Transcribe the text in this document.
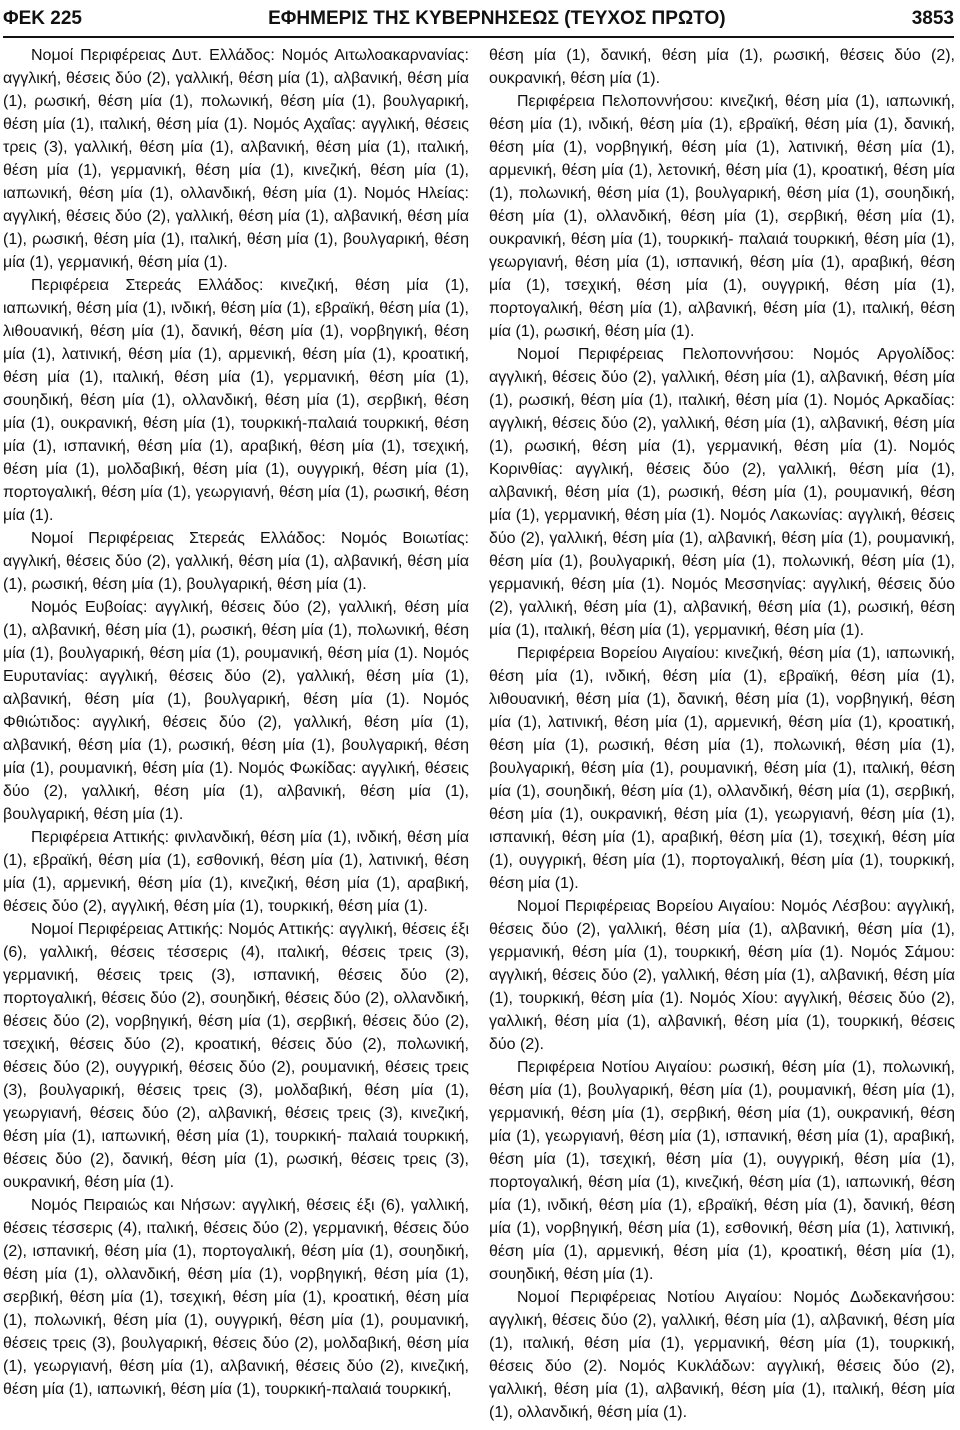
ΦΕΚ 225	ΕΦΗΜΕΡΙΣ ΤΗΣ ΚΥΒΕΡΝΗΣΕΩΣ (ΤΕΥΧΟΣ ΠΡΩΤΟ)	3853

Νομοί Περιφέρειας Δυτ. Ελλάδος: Νομός Αιτωλοακαρνανίας: αγγλική, θέσεις δύο (2), γαλλική, θέση μία (1), αλβανική, θέση μία (1), ρωσική, θέση μία (1), πολωνική, θέση μία (1), βουλγαρική, θέση μία (1), ιταλική, θέση μία (1). Νομός Αχαΐας: αγγλική, θέσεις τρεις (3), γαλλική, θέση μία (1), αλβανική, θέση μία (1), ιταλική, θέση μία (1), γερμανική, θέση μία (1), κινεζική, θέση μία (1), ιαπωνική, θέση μία (1), ολλανδική, θέση μία (1). Νομός Ηλείας: αγγλική, θέσεις δύο (2), γαλλική, θέση μία (1), αλβανική, θέση μία (1), ρωσική, θέση μία (1), ιταλική, θέση μία (1), βουλγαρική, θέση μία (1), γερμανική, θέση μία (1).

Περιφέρεια Στερεάς Ελλάδος: κινεζική, θέση μία (1), ιαπωνική, θέση μία (1), ινδική, θέση μία (1), εβραϊκή, θέση μία (1), λιθουανική, θέση μία (1), δανική, θέση μία (1), νορβηγική, θέση μία (1), λατινική, θέση μία (1), αρμενική, θέση μία (1), κροατική, θέση μία (1), ιταλική, θέση μία (1), γερμανική, θέση μία (1), σουηδική, θέση μία (1), ολλανδική, θέση μία (1), σερβική, θέση μία (1), ουκρανική, θέση μία (1), τουρκική-παλαιά τουρκική, θέση μία (1), ισπανική, θέση μία (1), αραβική, θέση μία (1), τσεχική, θέση μία (1), μολδαβική, θέση μία (1), ουγγρική, θέση μία (1), πορτογαλική, θέση μία (1), γεωργιανή, θέση μία (1), ρωσική, θέση μία (1).

Νομοί Περιφέρειας Στερεάς Ελλάδος: Νομός Βοιωτίας: αγγλική, θέσεις δύο (2), γαλλική, θέση μία (1), αλβανική, θέση μία (1), ρωσική, θέση μία (1), βουλγαρική, θέση μία (1).

Νομός Ευβοίας: αγγλική, θέσεις δύο (2), γαλλική, θέση μία (1), αλβανική, θέση μία (1), ρωσική, θέση μία (1), πολωνική, θέση μία (1), βουλγαρική, θέση μία (1), ρουμανική, θέση μία (1). Νομός Ευρυτανίας: αγγλική, θέσεις δύο (2), γαλλική, θέση μία (1), αλβανική, θέση μία (1), βουλγαρική, θέση μία (1). Νομός Φθιώτιδος: αγγλική, θέσεις δύο (2), γαλλική, θέση μία (1), αλβανική, θέση μία (1), ρωσική, θέση μία (1), βουλγαρική, θέση μία (1), ρουμανική, θέση μία (1). Νομός Φωκίδας: αγγλική, θέσεις δύο (2), γαλλική, θέση μία (1), αλβανική, θέση μία (1), βουλγαρική, θέση μία (1).

Περιφέρεια Αττικής: φινλανδική, θέση μία (1), ινδική, θέση μία (1), εβραϊκή, θέση μία (1), εσθονική, θέση μία (1), λατινική, θέση μία (1), αρμενική, θέση μία (1), κινεζική, θέση μία (1), αραβική, θέσεις δύο (2), αγγλική, θέση μία (1), τουρκική, θέση μία (1).

Νομοί Περιφέρειας Αττικής: Νομός Αττικής: αγγλική, θέσεις έξι (6), γαλλική, θέσεις τέσσερις (4), ιταλική, θέσεις τρεις (3), γερμανική, θέσεις τρεις (3), ισπανική, θέσεις δύο (2), πορτογαλική, θέσεις δύο (2), σουηδική, θέσεις δύο (2), ολλανδική, θέσεις δύο (2), νορβηγική, θέση μία (1), σερβική, θέσεις δύο (2), τσεχική, θέσεις δύο (2), κροατική, θέσεις δύο (2), πολωνική, θέσεις δύο (2), ουγγρική, θέσεις δύο (2), ρουμανική, θέσεις τρεις (3), βουλγαρική, θέσεις τρεις (3), μολδαβική, θέση μία (1), γεωργιανή, θέσεις δύο (2), αλβανική, θέσεις τρεις (3), κινεζική, θέση μία (1), ιαπωνική, θέση μία (1), τουρκική- παλαιά τουρκική, θέσεις δύο (2), δανική, θέση μία (1), ρωσική, θέσεις τρεις (3), ουκρανική, θέση μία (1).

Νομός Πειραιώς και Νήσων: αγγλική, θέσεις έξι (6), γαλλική, θέσεις τέσσερις (4), ιταλική, θέσεις δύο (2), γερμανική, θέσεις δύο (2), ισπανική, θέση μία (1), πορτογαλική, θέση μία (1), σουηδική, θέση μία (1), ολλανδική, θέση μία (1), νορβηγική, θέση μία (1), σερβική, θέση μία (1), τσεχική, θέση μία (1), κροατική, θέση μία (1), πολωνική, θέση μία (1), ουγγρική, θέση μία (1), ρουμανική, θέσεις τρεις (3), βουλγαρική, θέσεις δύο (2), μολδαβική, θέση μία (1), γεωργιανή, θέση μία (1), αλβανική, θέσεις δύο (2), κινεζική, θέση μία (1), ιαπωνική, θέση μία (1), τουρκική-παλαιά τουρκική,

θέση μία (1), δανική, θέση μία (1), ρωσική, θέσεις δύο (2), ουκρανική, θέση μία (1).

Περιφέρεια Πελοποννήσου: κινεζική, θέση μία (1), ιαπωνική, θέση μία (1), ινδική, θέση μία (1), εβραϊκή, θέση μία (1), δανική, θέση μία (1), νορβηγική, θέση μία (1), λατινική, θέση μία (1), αρμενική, θέση μία (1), λετονική, θέση μία (1), κροατική, θέση μία (1), πολωνική, θέση μία (1), βουλγαρική, θέση μία (1), σουηδική, θέση μία (1), ολλανδική, θέση μία (1), σερβική, θέση μία (1), ουκρανική, θέση μία (1), τουρκική- παλαιά τουρκική, θέση μία (1), γεωργιανή, θέση μία (1), ισπανική, θέση μία (1), αραβική, θέση μία (1), τσεχική, θέση μία (1), ουγγρική, θέση μία (1), πορτογαλική, θέση μία (1), αλβανική, θέση μία (1), ιταλική, θέση μία (1), ρωσική, θέση μία (1).

Νομοί Περιφέρειας Πελοποννήσου: Νομός Αργολίδος: αγγλική, θέσεις δύο (2), γαλλική, θέση μία (1), αλβανική, θέση μία (1), ρωσική, θέση μία (1), ιταλική, θέση μία (1). Νομός Αρκαδίας: αγγλική, θέσεις δύο (2), γαλλική, θέση μία (1), αλβανική, θέση μία (1), ρωσική, θέση μία (1), γερμανική, θέση μία (1). Νομός Κορινθίας: αγγλική, θέσεις δύο (2), γαλλική, θέση μία (1), αλβανική, θέση μία (1), ρωσική, θέση μία (1), ρουμανική, θέση μία (1), γερμανική, θέση μία (1). Νομός Λακωνίας: αγγλική, θέσεις δύο (2), γαλλική, θέση μία (1), αλβανική, θέση μία (1), ρουμανική, θέση μία (1), βουλγαρική, θέση μία (1), πολωνική, θέση μία (1), γερμανική, θέση μία (1). Νομός Μεσσηνίας: αγγλική, θέσεις δύο (2), γαλλική, θέση μία (1), αλβανική, θέση μία (1), ρωσική, θέση μία (1), ιταλική, θέση μία (1), γερμανική, θέση μία (1).

Περιφέρεια Βορείου Αιγαίου: κινεζική, θέση μία (1), ιαπωνική, θέση μία (1), ινδική, θέση μία (1), εβραϊκή, θέση μία (1), λιθουανική, θέση μία (1), δανική, θέση μία (1), νορβηγική, θέση μία (1), λατινική, θέση μία (1), αρμενική, θέση μία (1), κροατική, θέση μία (1), ρωσική, θέση μία (1), πολωνική, θέση μία (1), βουλγαρική, θέση μία (1), ρουμανική, θέση μία (1), ιταλική, θέση μία (1), σουηδική, θέση μία (1), ολλανδική, θέση μία (1), σερβική, θέση μία (1), ουκρανική, θέση μία (1), γεωργιανή, θέση μία (1), ισπανική, θέση μία (1), αραβική, θέση μία (1), τσεχική, θέση μία (1), ουγγρική, θέση μία (1), πορτογαλική, θέση μία (1), τουρκική, θέση μία (1).

Νομοί Περιφέρειας Βορείου Αιγαίου: Νομός Λέσβου: αγγλική, θέσεις δύο (2), γαλλική, θέση μία (1), αλβανική, θέση μία (1), γερμανική, θέση μία (1), τουρκική, θέση μία (1). Νομός Σάμου: αγγλική, θέσεις δύο (2), γαλλική, θέση μία (1), αλβανική, θέση μία (1), τουρκική, θέση μία (1). Νομός Χίου: αγγλική, θέσεις δύο (2), γαλλική, θέση μία (1), αλβανική, θέση μία (1), τουρκική, θέσεις δύο (2).

Περιφέρεια Νοτίου Αιγαίου: ρωσική, θέση μία (1), πολωνική, θέση μία (1), βουλγαρική, θέση μία (1), ρουμανική, θέση μία (1), γερμανική, θέση μία (1), σερβική, θέση μία (1), ουκρανική, θέση μία (1), γεωργιανή, θέση μία (1), ισπανική, θέση μία (1), αραβική, θέση μία (1), τσεχική, θέση μία (1), ουγγρική, θέση μία (1), πορτογαλική, θέση μία (1), κινεζική, θέση μία (1), ιαπωνική, θέση μία (1), ινδική, θέση μία (1), εβραϊκή, θέση μία (1), δανική, θέση μία (1), νορβηγική, θέση μία (1), εσθονική, θέση μία (1), λατινική, θέση μία (1), αρμενική, θέση μία (1), κροατική, θέση μία (1), σουηδική, θέση μία (1).

Νομοί Περιφέρειας Νοτίου Αιγαίου: Νομός Δωδεκανήσου: αγγλική, θέσεις δύο (2), γαλλική, θέση μία (1), αλβανική, θέση μία (1), ιταλική, θέση μία (1), γερμανική, θέση μία (1), τουρκική, θέσεις δύο (2). Νομός Κυκλάδων: αγγλική, θέσεις δύο (2), γαλλική, θέση μία (1), αλβανική, θέση μία (1), ιταλική, θέση μία (1), ολλανδική, θέση μία (1).
